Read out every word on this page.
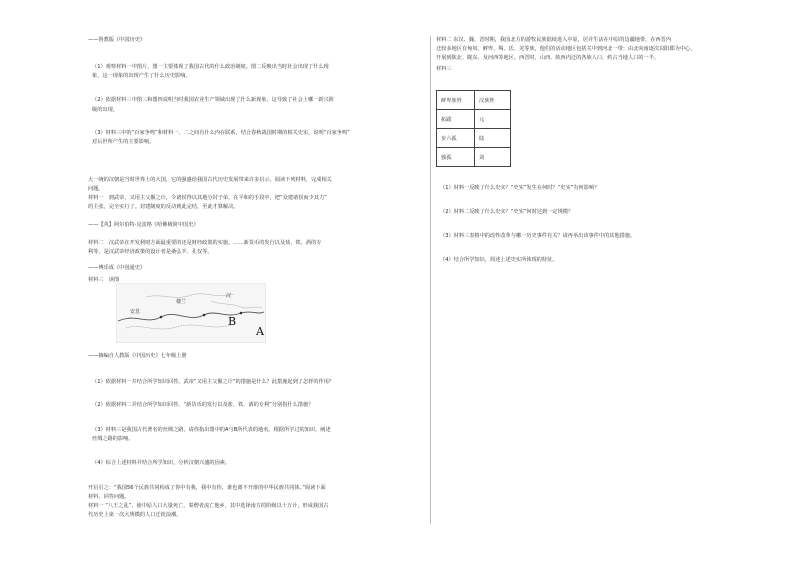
——鲁教版《中国历史》
（1）观察材料一中图片，图一主要体现了我国古代的什么政治制度。图二反映出当时社会出现了什么现
象，这一现象的出现产生了什么历史影响。
（2）依据材料三中图三和图四说明当时我国农业生产领域出现了什么新现象，这导致了社会上哪一新兴阶
级的出现。
（3）材料三中的“百家争鸣”和材料一、二之间有什么内在联系，结合春秋战国时期的相关史实，说明“百家争鸣”
对后世所产生的主要影响。
大一统的汉朝是当时世界上的大国，它的强盛给我国古代历史发展带来许多启示。阅读下列材料，完成相关
问题。
材料一　到武帝，又用主父偃之计，令诸侯得以其地分封子弟，在平和的手段中，把“众建诸侯而少其力”
的主张，完全实行了。封建制度的反动到此完结，至此才算解决。
——【英】阿尔伯特·克雷格《哈佛极简中国史》
材料二　汉武帝在开发利财方面最重要的还是财经政策的实施。……新货币的发行以及盐、铁、酒的专
利等，是汉武帝经济政策的设计者是桑弘羊、孔仅等。
——傅乐成《中国通史》
材料三　读图
安息
楼兰
汉
B
A
——摘编自人教版《中国历史》七年级上册
（1）依据材料一并结合所学知识回答，武帝“又用主父偃之计”的措施是什么？此措施起到了怎样的作用？
（2）依据材料二并结合所学知识回答，“新货币的发行以及盐、铁、酒的专利”分别指什么措施？
（3）材料三是我国古代著名的丝绸之路，请你指出图中的A与B所代表的地名。根据所学过的知识，阐述
丝绸之路的影响。
（4）综合上述材料并结合所学知识，分析汉朝兴盛的因素。
开启引之：“我国56个民族共同构成了你中有我，我中有你，谁也离不开谁的中华民族共同体。”阅读下面
材料，回答问题。
材料一 “八王之乱”，使中原人口大量死亡，秦僧者流亡他乡，其中选择南方的阶级以十万计，形成我国古
代历史上第一次大规模的人口迁徙浪潮。
材料二 东汉、魏、晋时期，我国北方的游牧民族陆续进入中原，居并生活在中原的边疆地带，在西晋内
迁较多地区有匈奴、鲜卑、羯、氐、羌等族，他们的活动地区包括关中到河北一带；由北向南逐次以阳郡为中心，
开展到陕北、陇东、及河西等地区。西晋时，山西、陕西内迁的各族人口，约占当地人口的一半。
材料三
鲜卑族姓	汉族姓
拓跋	元
步六孤	陆
独孤	刘
（1）材料一反映了什么史实？“史实”发生在何时？“史实”有何影响？
（2）材料二反映了什么史实？“史实”何时达到一定规模？
（3）材料三表格中的改姓改革与哪一历史事件有关？请再举出该事件中的其他措施。
（4）结合所学知识，简述上述史实所体现的特征。
